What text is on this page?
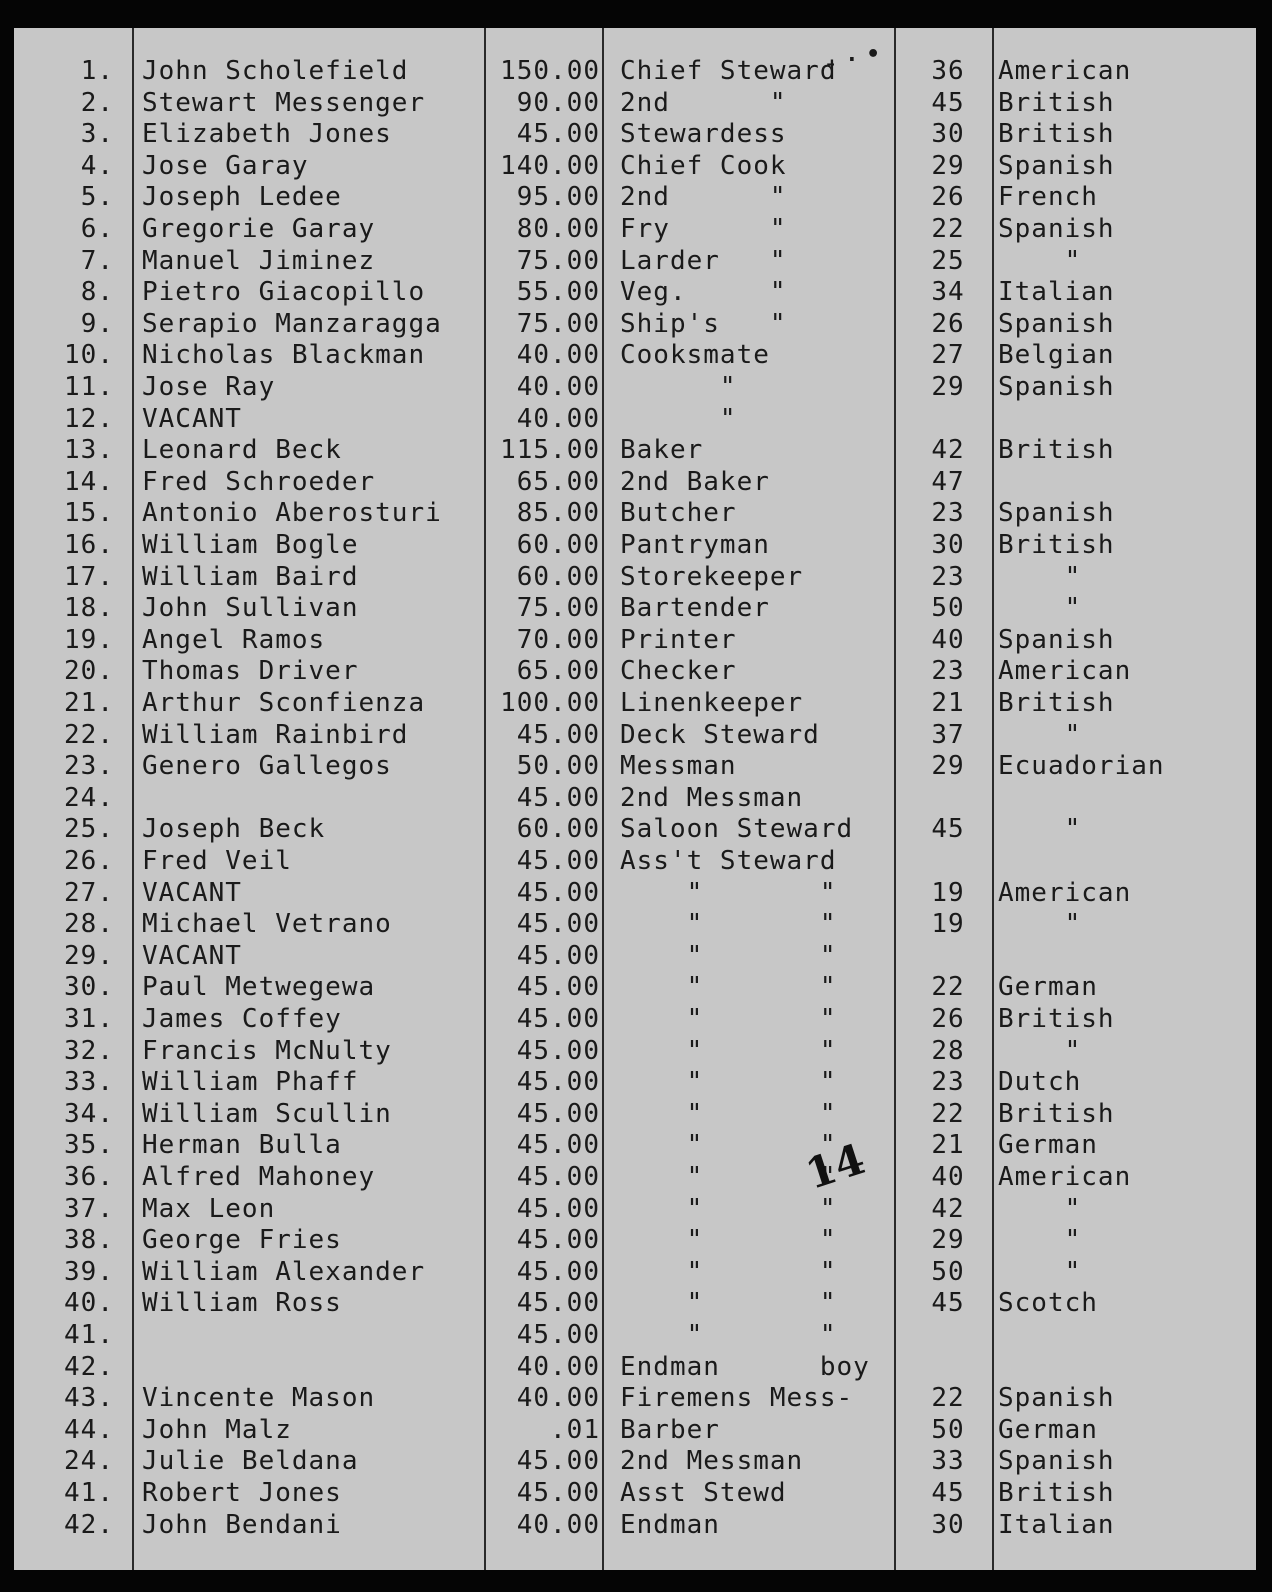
ˍ.•
1. John Scholefield	150.00 Chief Steward	36	American
2. Stewart Messenger	90.00 2nd      "	45	British
3. Elizabeth Jones	45.00 Stewardess	30	British
4. Jose Garay	140.00 Chief Cook	29	Spanish
5. Joseph Ledee	95.00 2nd      "	26	French
6. Gregorie Garay	80.00 Fry      "	22	Spanish
7. Manuel Jiminez	75.00 Larder   "	25	"
8. Pietro Giacopillo	55.00 Veg.     "	34	Italian
9. Serapio Manzaragga	75.00 Ship's   "	26	Spanish
10. Nicholas Blackman	40.00 Cooksmate	27	Belgian
11. Jose Ray	40.00 "	29	Spanish
12. VACANT	40.00 "
13. Leonard Beck	115.00 Baker	42	British
14. Fred Schroeder	65.00 2nd Baker	47
15. Antonio Aberosturi	85.00 Butcher	23	Spanish
16. William Bogle	60.00 Pantryman	30	British
17. William Baird	60.00 Storekeeper	23	"
18. John Sullivan	75.00 Bartender	50	"
19. Angel Ramos	70.00 Printer	40	Spanish
20. Thomas Driver	65.00 Checker	23	American
21. Arthur Sconfienza	100.00 Linenkeeper	21	British
22. William Rainbird	45.00 Deck Steward	37	"
23. Genero Gallegos	50.00 Messman	29	Ecuadorian
24.	45.00 2nd Messman
25. Joseph Beck	60.00 Saloon Steward	45	"
26. Fred Veil	45.00 Ass't Steward
27. VACANT	45.00 "       "	19	American
28. Michael Vetrano	45.00 "       "	19	"
29. VACANT	45.00 "       "
30. Paul Metwegewa	45.00 "       "	22	German
31. James Coffey	45.00 "       "	26	British
32. Francis McNulty	45.00 "       "	28	"
33. William Phaff	45.00 "       "	23	Dutch
34. William Scullin	45.00 "       "	22	British
35. Herman Bulla	45.00 "       "	21	German
36. Alfred Mahoney	45.00 "       "	40	American
37. Max Leon	45.00 "       "	42	"
38. George Fries	45.00 "       "	29	"
39. William Alexander	45.00 "       "	50	"
40. William Ross	45.00 "       "	45	Scotch
41.	45.00 "       "
42.	40.00 Endman      boy
43. Vincente Mason	40.00 Firemens Mess-	22	Spanish
44. John Malz	.01 Barber	50	German
24. Julie Beldana	45.00 2nd Messman	33	Spanish
41. Robert Jones	45.00 Asst Stewd	45	British
42. John Bendani	40.00 Endman	30	Italian
14
